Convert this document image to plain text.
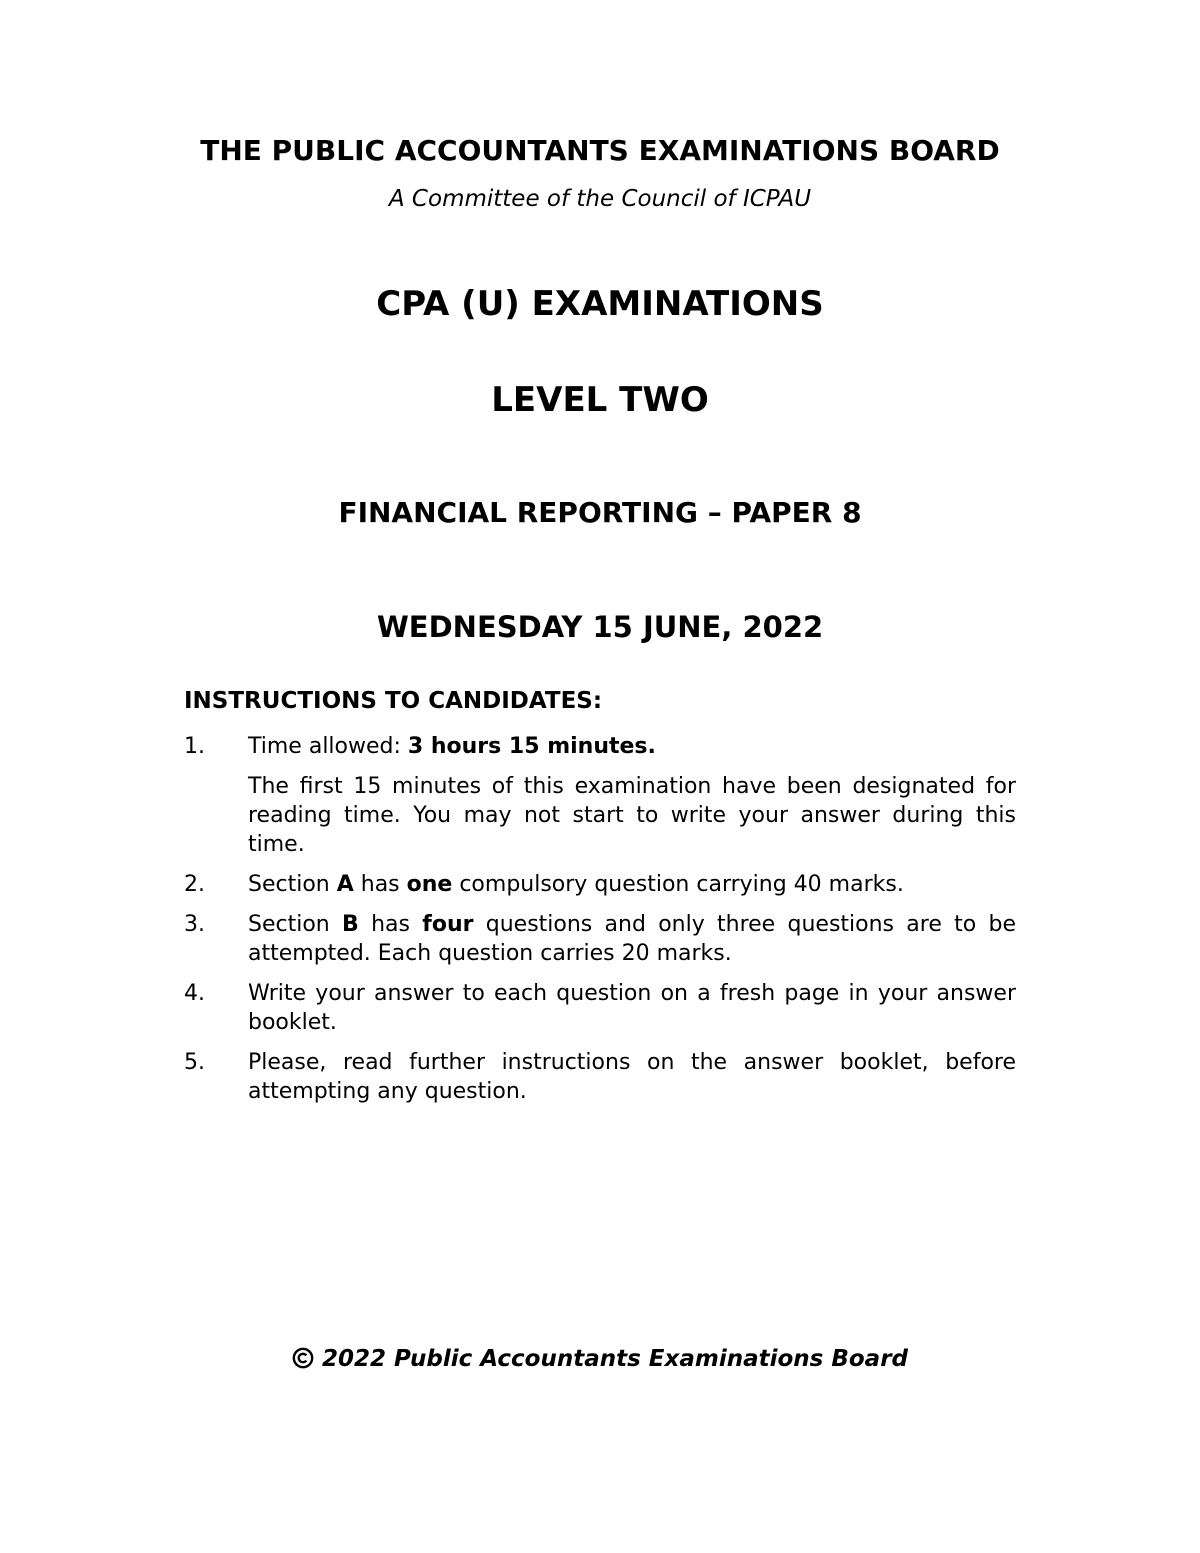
THE PUBLIC ACCOUNTANTS EXAMINATIONS BOARD
A Committee of the Council of ICPAU
CPA (U) EXAMINATIONS
LEVEL TWO
FINANCIAL REPORTING – PAPER 8
WEDNESDAY 15 JUNE, 2022
INSTRUCTIONS TO CANDIDATES:
1. Time allowed: 3 hours 15 minutes.
The first 15 minutes of this examination have been designated for reading time. You may not start to write your answer during this time.
2. Section A has one compulsory question carrying 40 marks.
3. Section B has four questions and only three questions are to be attempted. Each question carries 20 marks.
4. Write your answer to each question on a fresh page in your answer booklet.
5. Please, read further instructions on the answer booklet, before attempting any question.
2022 Public Accountants Examinations Board
